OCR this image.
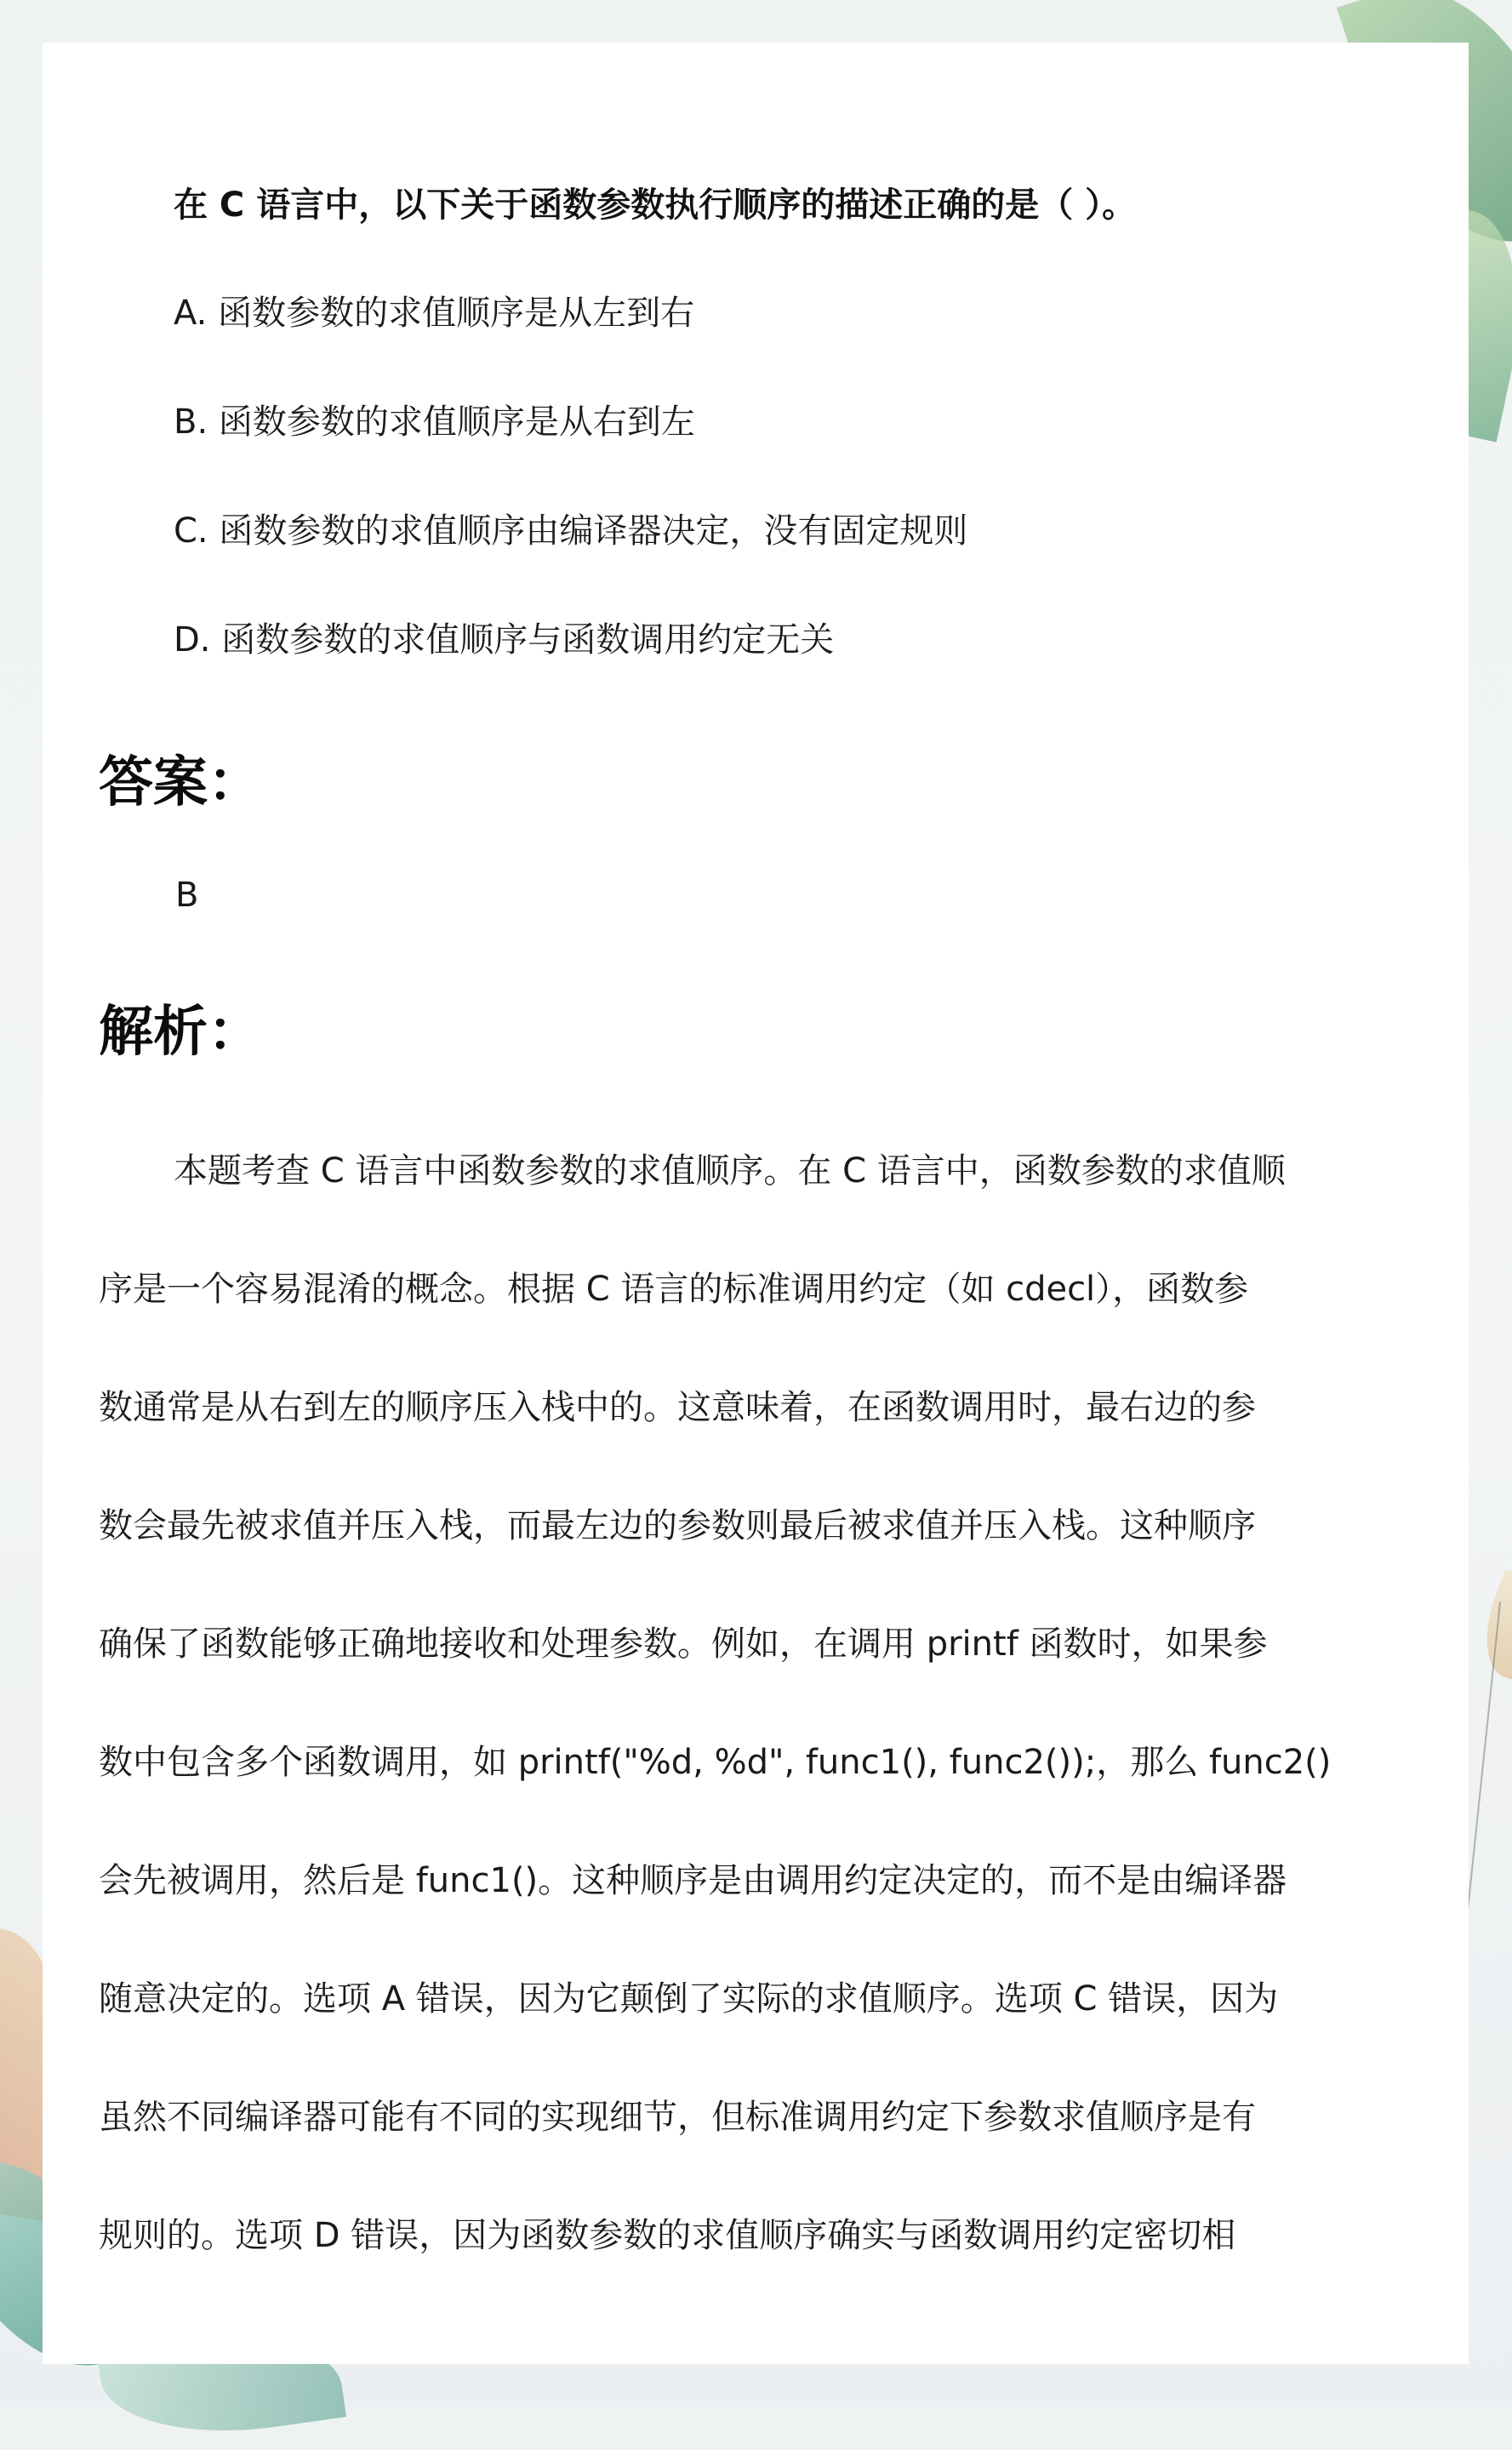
在 C 语言中，以下关于函数参数执行顺序的描述正确的是（ ）。

A. 函数参数的求值顺序是从左到右

B. 函数参数的求值顺序是从右到左

C. 函数参数的求值顺序由编译器决定，没有固定规则

D. 函数参数的求值顺序与函数调用约定无关

答案：

B

解析：
本题考查 C 语言中函数参数的求值顺序。在 C 语言中，函数参数的求值顺
序是一个容易混淆的概念。根据 C 语言的标准调用约定（如 cdecl），函数参
数通常是从右到左的顺序压入栈中的。这意味着，在函数调用时，最右边的参
数会最先被求值并压入栈，而最左边的参数则最后被求值并压入栈。这种顺序
确保了函数能够正确地接收和处理参数。例如，在调用 printf 函数时，如果参
数中包含多个函数调用，如 printf("%d, %d", func1(), func2());，那么 func2()
会先被调用，然后是 func1()。这种顺序是由调用约定决定的，而不是由编译器
随意决定的。选项 A 错误，因为它颠倒了实际的求值顺序。选项 C 错误，因为
虽然不同编译器可能有不同的实现细节，但标准调用约定下参数求值顺序是有
规则的。选项 D 错误，因为函数参数的求值顺序确实与函数调用约定密切相
